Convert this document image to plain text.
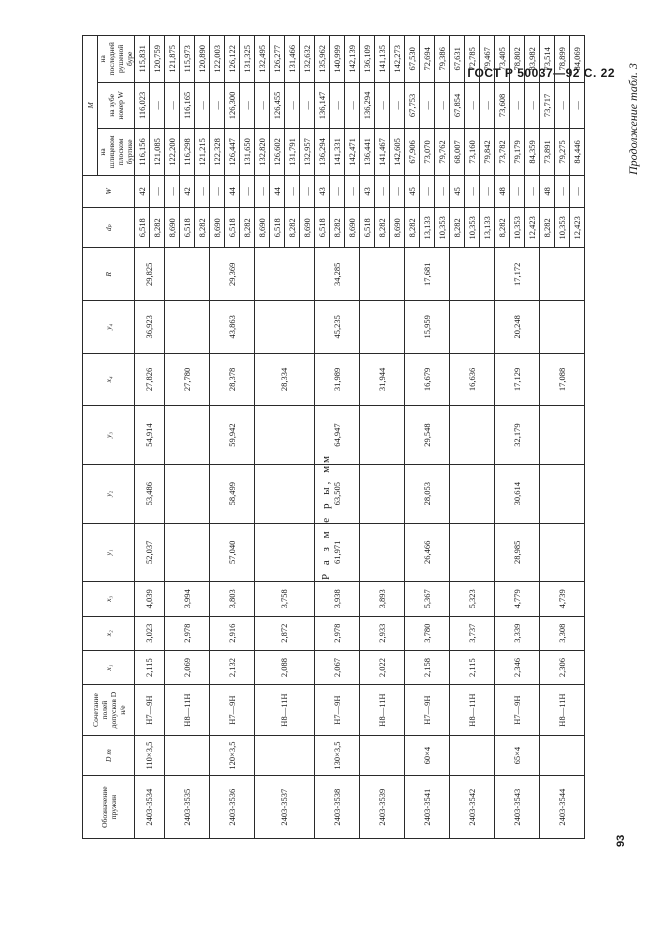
ГОСТ Р 50037—92 С. 22 Продолжение табл. 3
Р а з м е р ы, мм
93
Обозначение пружин	D m	Сочетание полей допусков D н/e	x₁	x₂	x₃	y₁	y₂	y₃	x₄	y₄	R	dₚ	W	M		
														на шлицевом плоском буртике	на зубе номер W	на последней рушеной буре
2403-3534	110×3,5	H7—9H	2,115	3,023	4,039	52,037	53,486	54,914	27,826	36,923	29,825	6,518	42	116,156	116,023	115,831
												8,282	—	121,085	—	120,759
2403-3535		H8—11H	2,069	2,978	3,994				27,780			8,690	—	122,200	—	121,875
												6,518	42	116,298	116,165	115,973
												8,282	—	121,215	—	120,890
2403-3536	120×3,5	H7—9H	2,132	2,916	3,803	57,040	58,499	59,942	28,378	43,863	29,369	8,690	—	122,328	—	122,003
												6,518	44	126,447	126,300	126,122
												8,282	—	131,650	—	131,325
2403-3537		H8—11H	2,088	2,872	3,758				28,334			8,690	—	132,820	—	132,495
												6,518	44	126,602	126,455	126,277
												8,282	—	131,791	—	131,466
												8,690	—	132,957	—	132,632
2403-3538	130×3,5	H7—9H	2,067	2,978	3,938	61,971	63,505	64,947	31,989	45,235	34,285	6,518	43	136,294	136,147	135,962
												8,282	—	141,331	—	140,999
												8,690	—	142,471	—	142,139
2403-3539		H8—11H	2,022	2,933	3,893				31,944			6,518	43	136,441	136,294	136,109
												8,282	—	141,467	—	141,135
												8,690	—	142,605	—	142,273
2403-3541	60×4	H7—9H	2,158	3,780	5,367	26,466	28,053	29,548	16,679	15,959	17,681	8,282	45	67,906	67,753	67,530
												13,133	—	73,070	—	72,694
												10,353	—	79,762	—	79,386
2403-3542		H8—11H	2,115	3,737	5,323				16,636			8,282	45	68,007	67,854	67,631
												10,353	—	73,160	—	72,785
												13,133	—	79,842	—	79,467
2403-3543	65×4	H7—9H	2,346	3,339	4,779	28,985	30,614	32,179	17,129	20,248	17,172	8,282	48	73,782	73,608	73,405
												10,353	—	79,179	—	78,802
												12,423	—	84,359	—	83,982
2403-3544		H8—11H	2,306	3,308	4,739				17,088			8,282	48	73,891	73,717	73,514
												10,353	—	79,275	—	78,899
												12,423	—	84,446	—	84,069
